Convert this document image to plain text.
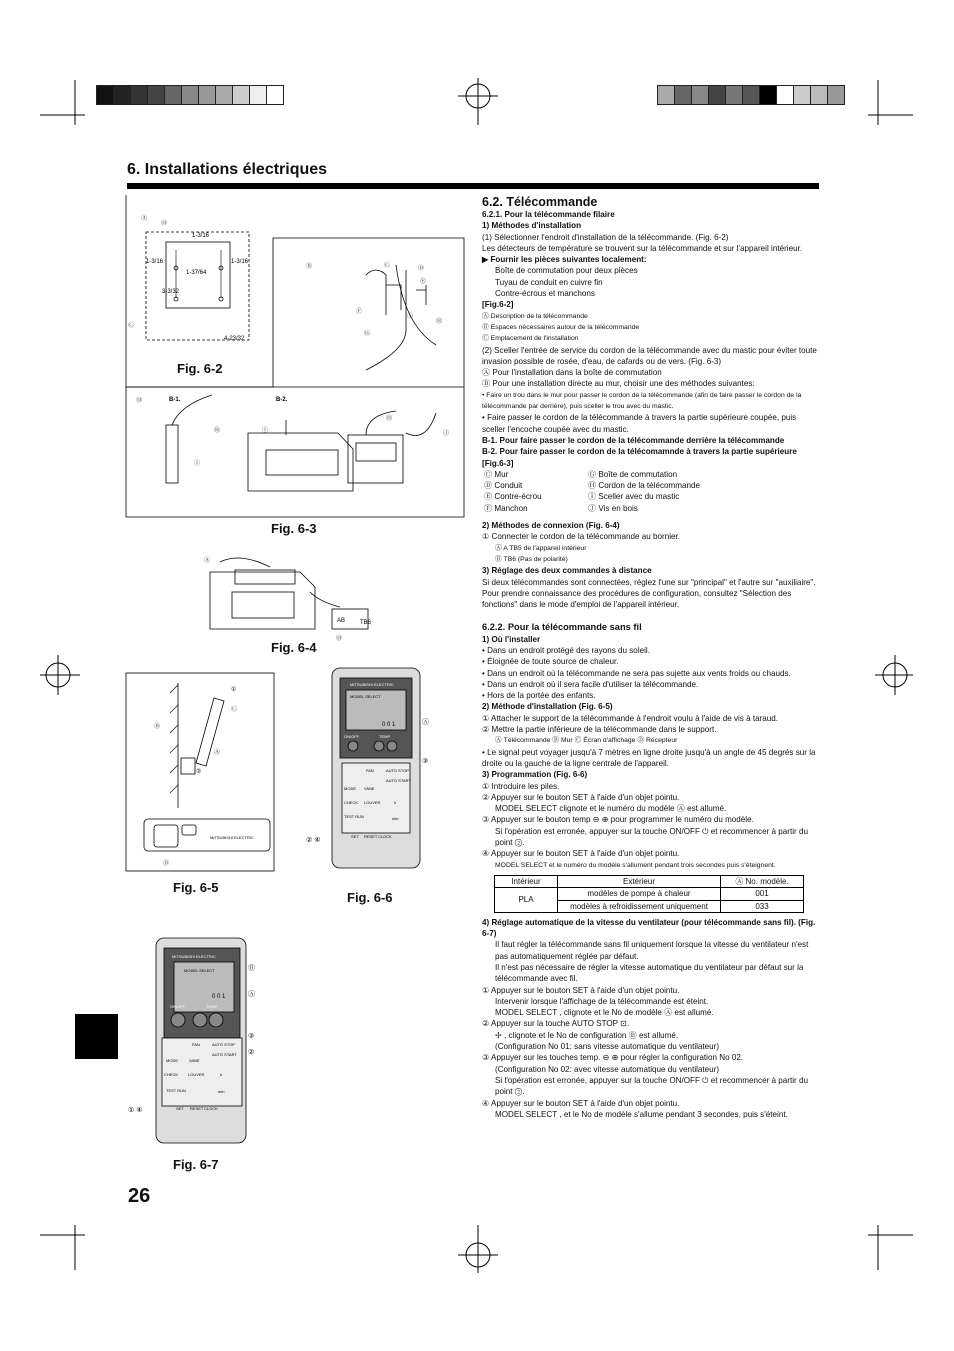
6. Installations électriques
26
⑬
Ⓐ
Ⓒ
Ⓑ	Ⓒ	Ⓓ
Ⓔ
Ⓕ
Ⓖ
Ⓘ
Ⓗ
⑬	B-1.	B-2.
Ⓗ
Ⓘ
Ⓘ
Ⓗ
Ⓙ
1-3/16
1-3/16
1-37/64
1-3/16
3-3/32
4-23/32
Fig. 6-2
Fig. 6-3
Ⓐ
AB TB6
⑬
Fig. 6-4
①
Ⓒ
Ⓑ
Ⓐ
②
Ⓓ
MITSUBISHI ELECTRIC
Fig. 6-5
MITSUBISHI ELECTRIC
MODEL SELECT
0 0 1
ON/OFF	TEMP
FAN	AUTO STOP
MODE VANE
AUTO START
CHECK LOUVER	h
TEST RUN	min
SET RESET CLOCK
Ⓐ
③
② ④
Fig. 6-6
MITSUBISHI ELECTRIC
MODEL SELECT
0 0 1
ON/OFF	TEMP
FAN	AUTO STOP
MODE	VANE
AUTO START
CHECK LOUVER	h
TEST RUN	min
SET RESET CLOCK
Ⓑ
Ⓐ
③
②
① ④
Fig. 6-7

6.2. Télécommande

6.2.1. Pour la télécommande filaire

1) Méthodes d'installation

(1) Sélectionner l'endroit d'installation de la télécommande. (Fig. 6-2)

Les détecteurs de température se trouvent sur la télécommande et sur l'appareil intérieur.

▶ Fournir les pièces suivantes localement:

Boîte de commutation pour deux pièces

Tuyau de conduit en cuivre fin

Contre-écrous et manchons

[Fig.6-2]

Ⓐ Description de la télécommande

Ⓑ Espaces nécessaires autour de la télécommande

Ⓒ Emplacement de l'installation

(2) Sceller l'entrée de service du cordon de la télécommande avec du mastic pour éviter toute invasion possible de rosée, d'eau, de cafards ou de vers. (Fig. 6-3)

Ⓐ Pour l'installation dans la boîte de commutation

Ⓑ Pour une installation directe au mur, choisir une des méthodes suivantes:

• Faire un trou dans le mur pour passer le cordon de la télécommande (afin de faire passer le cordon de la télécommande par derrière), puis sceller le trou avec du mastic.

• Faire passer le cordon de la télécommande à travers la partie supérieure coupée, puis sceller l'encoche coupée avec du mastic.

B-1. Pour faire passer le cordon de la télécommande derrière la télécommande

B-2. Pour faire passer le cordon de la télécomamnde à travers la partie supérieure

[Fig.6-3]

Ⓒ Mur	Ⓖ Boîte de commutation
Ⓓ Conduit	Ⓗ Cordon de la télécommande
Ⓔ Contre-écrou	Ⓘ Sceller avec du mastic
Ⓕ Manchon	Ⓙ Vis en bois

2) Méthodes de connexion (Fig. 6-4)

① Connecter le cordon de la télécommande au bornier.

Ⓐ A TB5 de l'appareil intérieur

Ⓑ TB6 (Pas de polarité)

3) Réglage des deux commandes à distance

Si deux télécommandes sont connectées, réglez l'une sur "principal" et l'autre sur "auxiliaire". Pour prendre connaissance des procédures de configuration, consultez "Sélection des fonctions" dans le mode d'emploi de l'appareil intérieur.

6.2.2. Pour la télécommande sans fil

1) Où l'installer

• Dans un endroit protégé des rayons du soleil.

• Éloignée de toute source de chaleur.

• Dans un endroit où la télécommande ne sera pas sujette aux vents froids ou chauds.

• Dans un endroit où il sera facile d'utiliser la télécommande.

• Hors de la portée des enfants.

2) Méthode d'installation (Fig. 6-5)

① Attacher le support de la télécommande à l'endroit voulu à l'aide de vis à taraud.

② Mettre la partie inférieure de la télécommande dans le support.

Ⓐ Télécommande Ⓑ Mur Ⓒ Écran d'affichage Ⓓ Récepteur

• Le signal peut voyager jusqu'à 7 mètres en ligne droite jusqu'à un angle de 45 degrés sur la droite ou la gauche de la ligne centrale de l'appareil.

3) Programmation (Fig. 6-6)

① Introduire les piles.

② Appuyer sur le bouton SET à l'aide d'un objet pointu.

MODEL SELECT clignote et le numéro du modèle Ⓐ est allumé.

③ Appuyer sur le bouton temp ⊖ ⊕ pour programmer le numéro du modèle.

Si l'opération est erronée, appuyer sur la touche ON/OFF ⏻ et recommencer à partir du point ②.

④ Appuyer sur le bouton SET à l'aide d'un objet pointu.

MODEL SELECT et le numéro du modèle s'allument pendant trois secondes puis s'éteignent.

Intérieur	Extérieur	Ⓐ No. modèle.
PLA	modèles de pompe à chaleur	001
	modèles à refroidissement uniquement	033

4) Réglage automatique de la vitesse du ventilateur (pour télécommande sans fil). (Fig. 6-7)

Il faut régler la télécommande sans fil uniquement lorsque la vitesse du ventilateur n'est pas automatiquement réglée par défaut.

Il n'est pas nécessaire de régler la vitesse automatique du ventilateur par défaut sur la télécommande avec fil.

① Appuyer sur le bouton SET à l'aide d'un objet pointu.

Intervenir lorsque l'affichage de la télécommande est éteint.

MODEL SELECT , clignote et le No de modèle Ⓐ est allumé.

② Appuyer sur la touche AUTO STOP ⊡.

✢ , clignote et le No de configuration Ⓑ est allumé.

(Configuration No 01: sans vitesse automatique du ventilateur)

③ Appuyer sur les touches temp. ⊖ ⊕ pour régler la configuration No 02.

(Configuration No 02: avec vitesse automatique du ventilateur)

Si l'opération est erronée, appuyer sur la touche ON/OFF ⏻ et recommencer à partir du point ②.

④ Appuyer sur le bouton SET à l'aide d'un objet pointu.

MODEL SELECT , et le No de modèle s'allume pendant 3 secondes, puis s'éteint.
